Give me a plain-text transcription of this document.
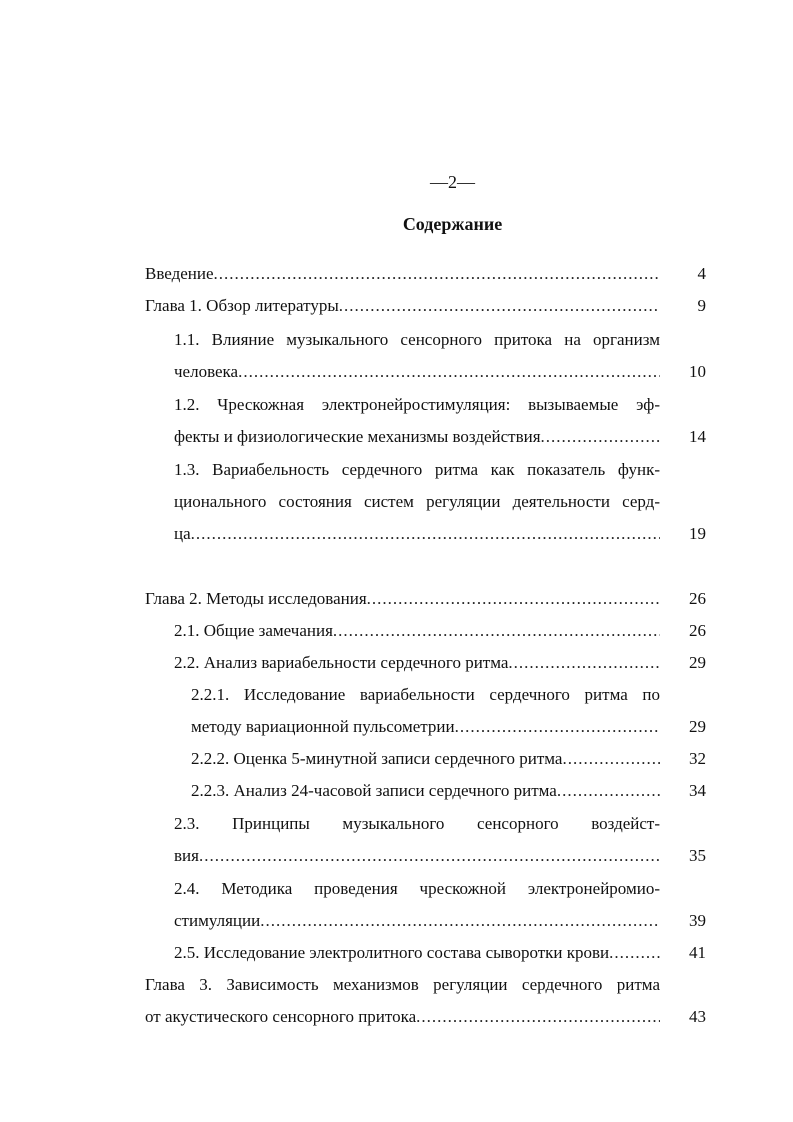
—2—
Содержание
Введение .....	4
Глава 1. Обзор литературы .....	9
1.1. Влияние музыкального сенсорного притока на организм
человека .....	10
1.2. Чрескожная электронейростимуляция: вызываемые эф-
фекты и физиологические механизмы воздействия .....	14
1.3. Вариабельность сердечного ритма как показатель функ-
ционального состояния систем регуляции деятельности серд-
ца .....	19
Глава 2. Методы исследования .....	26
2.1. Общие замечания .....	26
2.2. Анализ вариабельности сердечного ритма .....	29
2.2.1. Исследование вариабельности сердечного ритма по
методу вариационной пульсометрии .....	29
2.2.2. Оценка 5-минутной записи сердечного ритма .....	32
2.2.3. Анализ 24-часовой записи сердечного ритма .....	34
2.3. Принципы музыкального сенсорного воздейст-
вия .....	35
2.4. Методика проведения чрескожной электронейромио-
стимуляции .....	39
2.5. Исследование электролитного состава сыворотки крови .....	41
Глава 3. Зависимость механизмов регуляции сердечного ритма
от акустического сенсорного притока .....	43
